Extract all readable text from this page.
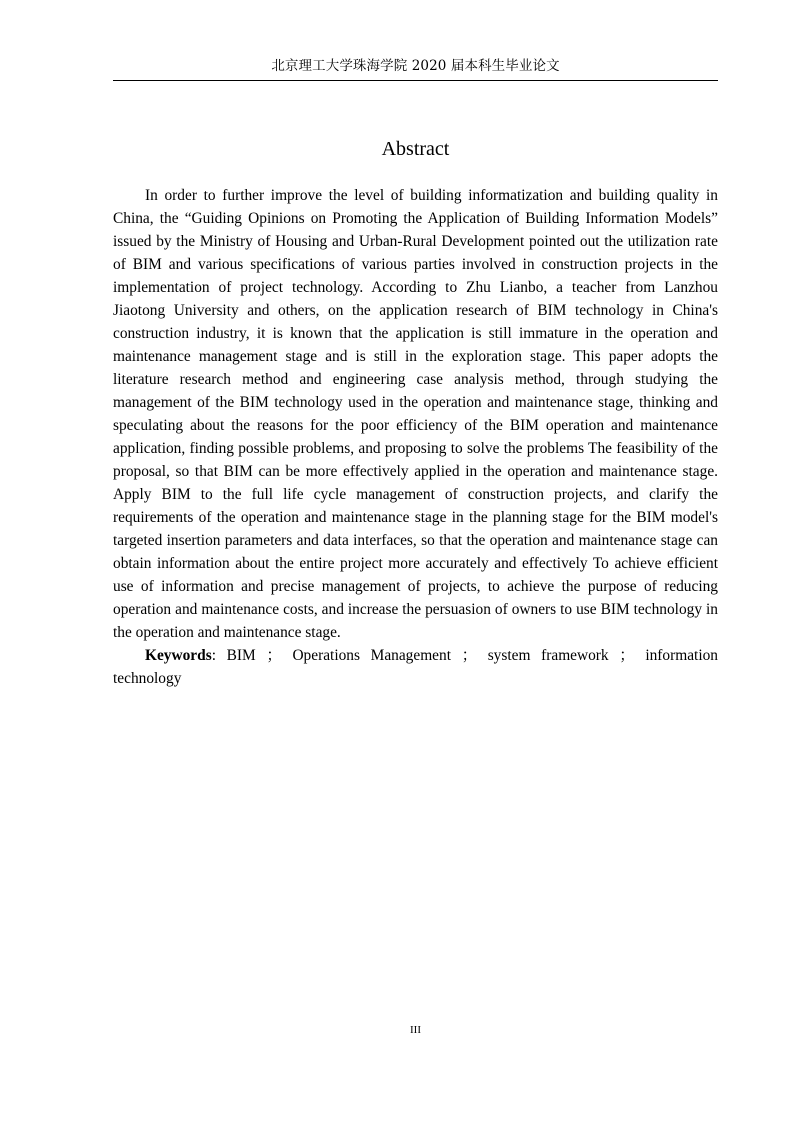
北京理工大学珠海学院 2020 届本科生毕业论文
Abstract

In order to further improve the level of building informatization and building quality in China, the “Guiding Opinions on Promoting the Application of Building Information Models” issued by the Ministry of Housing and Urban-Rural Development pointed out the utilization rate of BIM and various specifications of various parties involved in construction projects in the implementation of project technology. According to Zhu Lianbo, a teacher from Lanzhou Jiaotong University and others, on the application research of BIM technology in China's construction industry, it is known that the application is still immature in the operation and maintenance management stage and is still in the exploration stage. This paper adopts the literature research method and engineering case analysis method, through studying the management of the BIM technology used in the operation and maintenance stage, thinking and speculating about the reasons for the poor efficiency of the BIM operation and maintenance application, finding possible problems, and proposing to solve the problems The feasibility of the proposal, so that BIM can be more effectively applied in the operation and maintenance stage. Apply BIM to the full life cycle management of construction projects, and clarify the requirements of the operation and maintenance stage in the planning stage for the BIM model's targeted insertion parameters and data interfaces, so that the operation and maintenance stage can obtain information about the entire project more accurately and effectively To achieve efficient use of information and precise management of projects, to achieve the purpose of reducing operation and maintenance costs, and increase the persuasion of owners to use BIM technology in the operation and maintenance stage.

Keywords: BIM ； Operations Management ； system framework ； information technology

III
